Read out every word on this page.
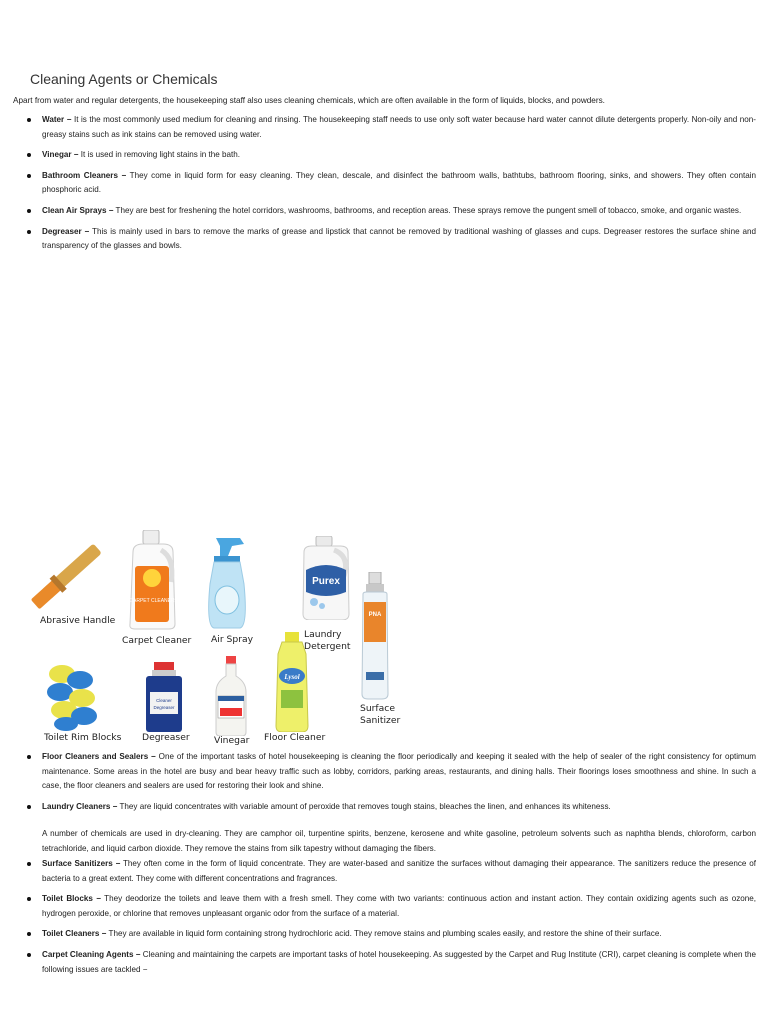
Cleaning Agents or Chemicals

Apart from water and regular detergents, the housekeeping staff also uses cleaning chemicals, which are often available in the form of liquids, blocks, and powders.

Water − It is the most commonly used medium for cleaning and rinsing. The housekeeping staff needs to use only soft water because hard water cannot dilute detergents properly. Non-oily and non-greasy stains such as ink stains can be removed using water.
Vinegar − It is used in removing light stains in the bath.
Bathroom Cleaners − They come in liquid form for easy cleaning. They clean, descale, and disinfect the bathroom walls, bathtubs, bathroom flooring, sinks, and showers. They often contain phosphoric acid.
Clean Air Sprays − They are best for freshening the hotel corridors, washrooms, bathrooms, and reception areas. These sprays remove the pungent smell of tobacco, smoke, and organic wastes.
Degreaser − This is mainly used in bars to remove the marks of grease and lipstick that cannot be removed by traditional washing of glasses and cups. Degreaser restores the surface shine and transparency of the glasses and bowls.
Abrasive Handle
CARPET CLEANER
Carpet Cleaner Air Spray
Purex
Laundry
Detergent
PNA
Surface
Sanitizer
Toilet Rim Blocks
Cleaner
Degreaser
Degreaser	Vinegar
Lysol
Floor Cleaner
Floor Cleaners and Sealers − One of the important tasks of hotel housekeeping is cleaning the floor periodically and keeping it sealed with the help of sealer of the right consistency for optimum maintenance. Some areas in the hotel are busy and bear heavy traffic such as lobby, corridors, parking areas, restaurants, and dining halls. Their floorings loses smoothness and shine. In such a case, the floor cleaners and sealers are used for restoring their look and shine.
Laundry Cleaners − They are liquid concentrates with variable amount of peroxide that removes tough stains, bleaches the linen, and enhances its whiteness.

A number of chemicals are used in dry-cleaning. They are camphor oil, turpentine spirits, benzene, kerosene and white gasoline, petroleum solvents such as naphtha blends, chloroform, carbon tetrachloride, and liquid carbon dioxide. They remove the stains from silk tapestry without damaging the fibers.

Surface Sanitizers − They often come in the form of liquid concentrate. They are water-based and sanitize the surfaces without damaging their appearance. The sanitizers reduce the presence of bacteria to a great extent. They come with different concentrations and fragrances.
Toilet Blocks − They deodorize the toilets and leave them with a fresh smell. They come with two variants: continuous action and instant action. They contain oxidizing agents such as ozone, hydrogen peroxide, or chlorine that removes unpleasant organic odor from the surface of a material.
Toilet Cleaners − They are available in liquid form containing strong hydrochloric acid. They remove stains and plumbing scales easily, and restore the shine of their surface.
Carpet Cleaning Agents − Cleaning and maintaining the carpets are important tasks of hotel housekeeping. As suggested by the Carpet and Rug Institute (CRI), carpet cleaning is complete when the following issues are tackled −
